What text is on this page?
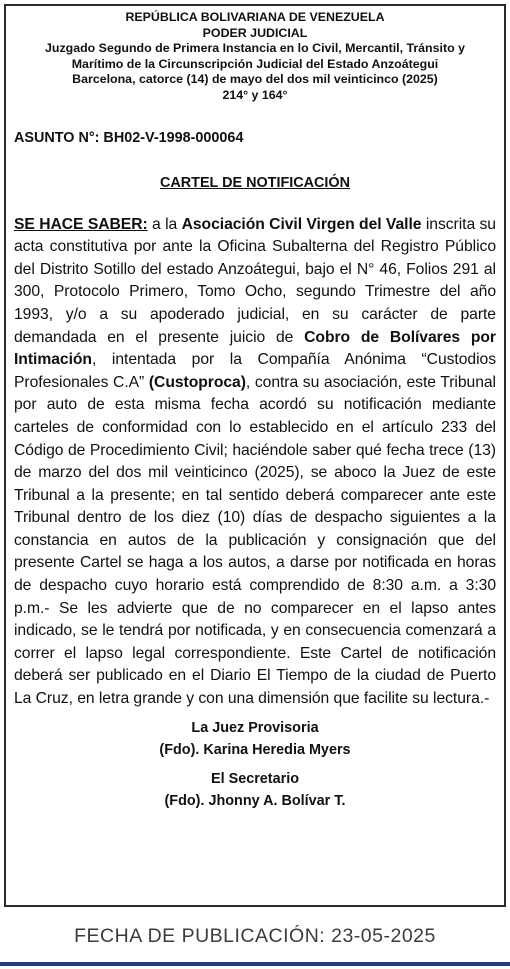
REPÚBLICA BOLIVARIANA DE VENEZUELA
PODER JUDICIAL
Juzgado Segundo de Primera Instancia en lo Civil, Mercantil, Tránsito y
Marítimo de la Circunscripción Judicial del Estado Anzoátegui
Barcelona, catorce (14) de mayo del dos mil veinticinco (2025)
214° y 164°
ASUNTO N°: BH02-V-1998-000064
CARTEL DE NOTIFICACIÓN

SE HACE SABER: a la Asociación Civil Virgen del Valle inscrita su acta constitutiva por ante la Oficina Subalterna del Registro Público del Distrito Sotillo del estado Anzoátegui, bajo el N° 46, Folios 291 al 300, Protocolo Primero, Tomo Ocho, segundo Trimestre del año 1993, y/o a su apoderado judicial, en su carácter de parte demandada en el presente juicio de Cobro de Bolívares por Intimación, intentada por la Compañía Anónima “Custodios Profesionales C.A” (Custoproca), contra su asociación, este Tribunal por auto de esta misma fecha acordó su notificación mediante carteles de conformidad con lo establecido en el artículo 233 del Código de Procedimiento Civil; haciéndole saber qué fecha trece (13) de marzo del dos mil veinticinco (2025), se aboco la Juez de este Tribunal a la presente; en tal sentido deberá comparecer ante este Tribunal dentro de los diez (10) días de despacho siguientes a la constancia en autos de la publicación y consignación que del presente Cartel se haga a los autos, a darse por notificada en horas de despacho cuyo horario está comprendido de 8:30 a.m. a 3:30 p.m.- Se les advierte que de no comparecer en el lapso antes indicado, se le tendrá por notificada, y en consecuencia comenzará a correr el lapso legal correspondiente. Este Cartel de notificación deberá ser publicado en el Diario El Tiempo de la ciudad de Puerto La Cruz, en letra grande y con una dimensión que facilite su lectura.-

La Juez Provisoria
(Fdo). Karina Heredia Myers
El Secretario
(Fdo). Jhonny A. Bolívar T.
FECHA DE PUBLICACIÓN: 23-05-2025
